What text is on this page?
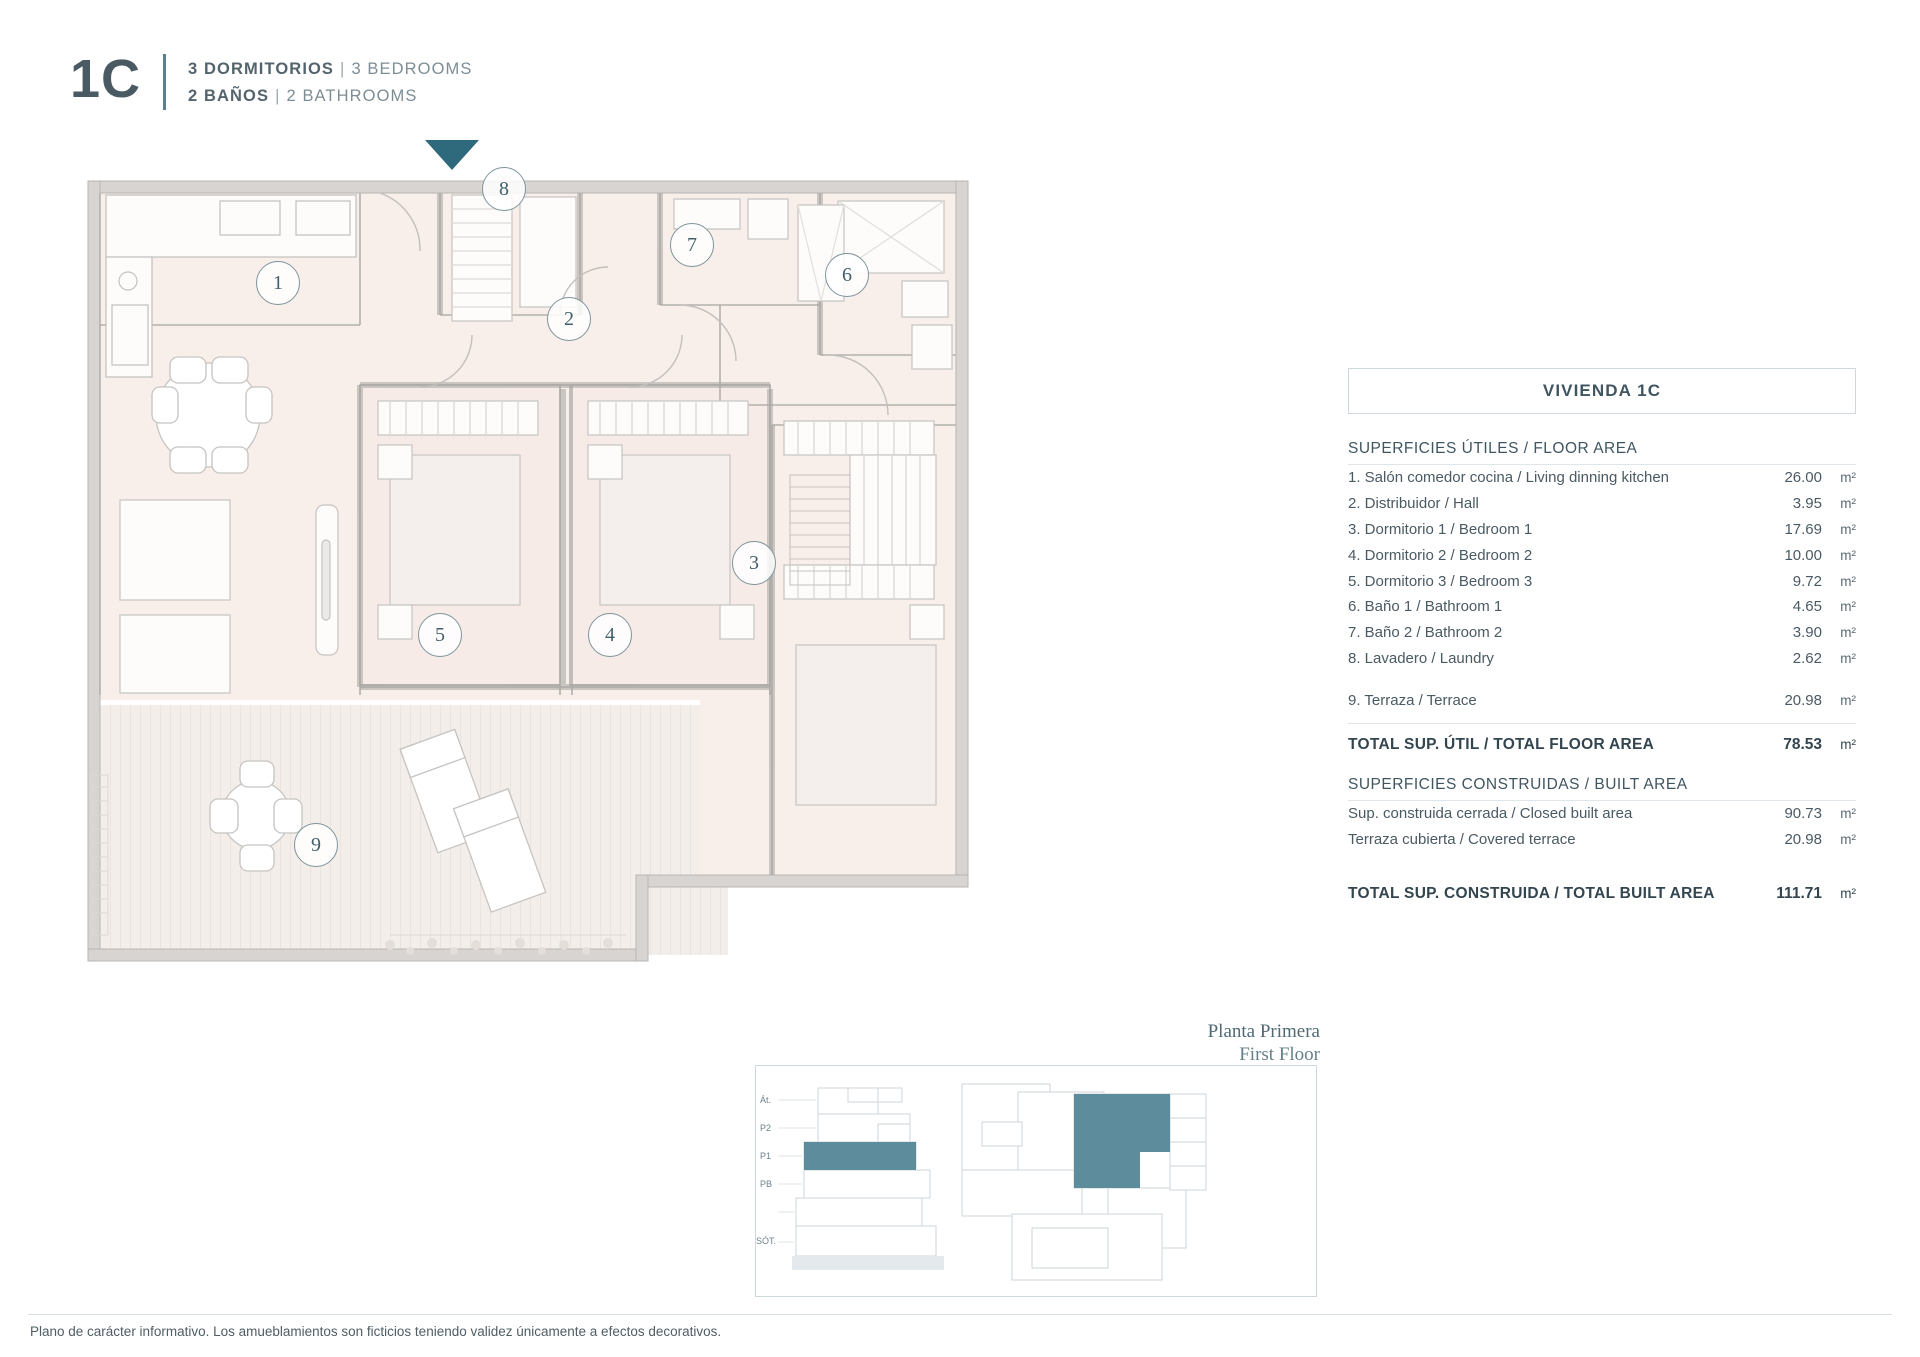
1C	3 DORMITORIOS | 3 BEDROOMS
2 BAÑOS | 2 BATHROOMS
1
2
3
4
5
6
7
8
9
Planta Primera
First Floor
Át.
P2
P1
PB
SÓT.
VIVIENDA 1C
SUPERFICIES ÚTILES / FLOOR AREA
1. Salón comedor cocina / Living dinning kitchen	26.00	m²
2. Distribuidor / Hall	3.95	m²
3. Dormitorio 1 / Bedroom 1	17.69	m²
4. Dormitorio 2 / Bedroom 2	10.00	m²
5. Dormitorio 3 / Bedroom 3	9.72	m²
6. Baño 1 / Bathroom 1	4.65	m²
7. Baño 2 / Bathroom 2	3.90	m²
8. Lavadero / Laundry	2.62	m²
9. Terraza / Terrace	20.98	m²
TOTAL SUP. ÚTIL / TOTAL FLOOR AREA	78.53	m²
SUPERFICIES CONSTRUIDAS / BUILT AREA
Sup. construida cerrada / Closed built area	90.73	m²
Terraza cubierta / Covered terrace	20.98	m²
TOTAL SUP. CONSTRUIDA / TOTAL BUILT AREA	111.71	m²
Plano de carácter informativo. Los amueblamientos son ficticios teniendo validez únicamente a efectos decorativos.
